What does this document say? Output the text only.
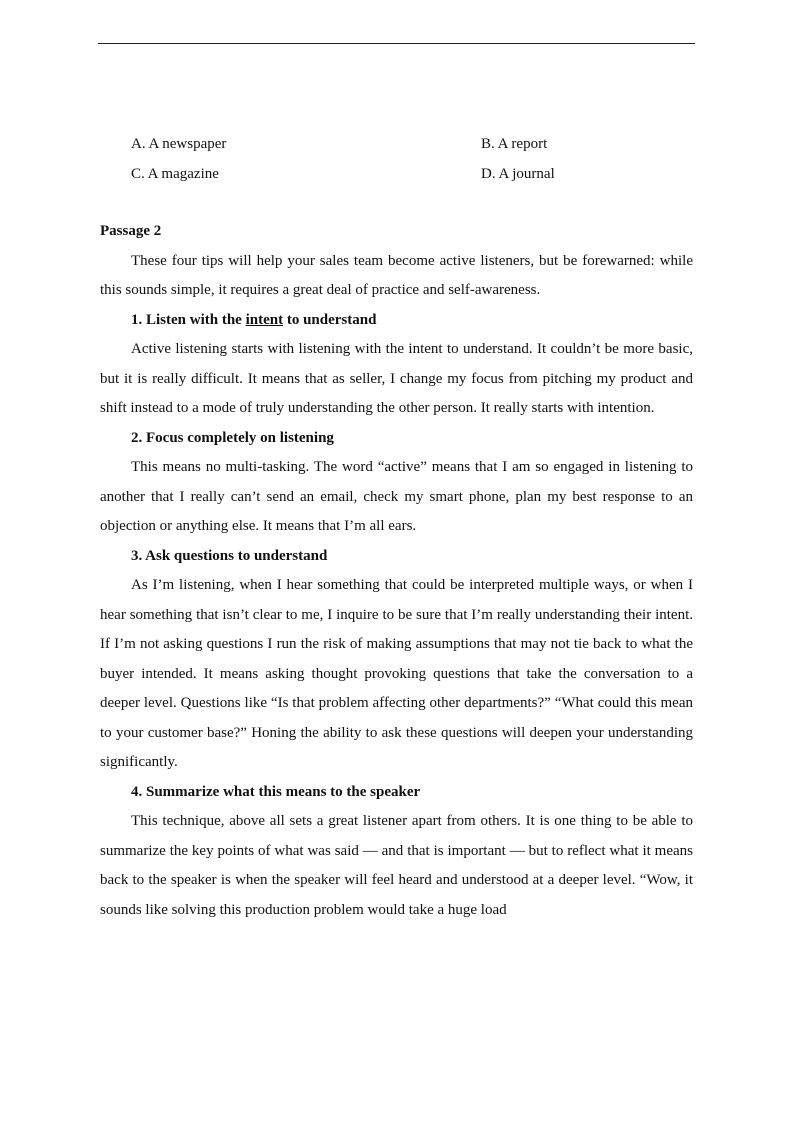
A. A newspaper	B. A report
C. A magazine	D. A journal
Passage 2

These four tips will help your sales team become active listeners, but be forewarned: while this sounds simple, it requires a great deal of practice and self-awareness.

1. Listen with the intent to understand

Active listening starts with listening with the intent to understand. It couldn’t be more basic, but it is really difficult. It means that as seller, I change my focus from pitching my product and shift instead to a mode of truly understanding the other person. It really starts with intention.

2. Focus completely on listening

This means no multi-tasking. The word “active” means that I am so engaged in listening to another that I really can’t send an email, check my smart phone, plan my best response to an objection or anything else. It means that I’m all ears.

3. Ask questions to understand

As I’m listening, when I hear something that could be interpreted multiple ways, or when I hear something that isn’t clear to me, I inquire to be sure that I’m really understanding their intent. If I’m not asking questions I run the risk of making assumptions that may not tie back to what the buyer intended. It means asking thought provoking questions that take the conversation to a deeper level. Questions like “Is that problem affecting other departments?” “What could this mean to your customer base?” Honing the ability to ask these questions will deepen your understanding significantly.

4. Summarize what this means to the speaker

This technique, above all sets a great listener apart from others. It is one thing to be able to summarize the key points of what was said — and that is important — but to reflect what it means back to the speaker is when the speaker will feel heard and understood at a deeper level. “Wow, it sounds like solving this production problem would take a huge load
